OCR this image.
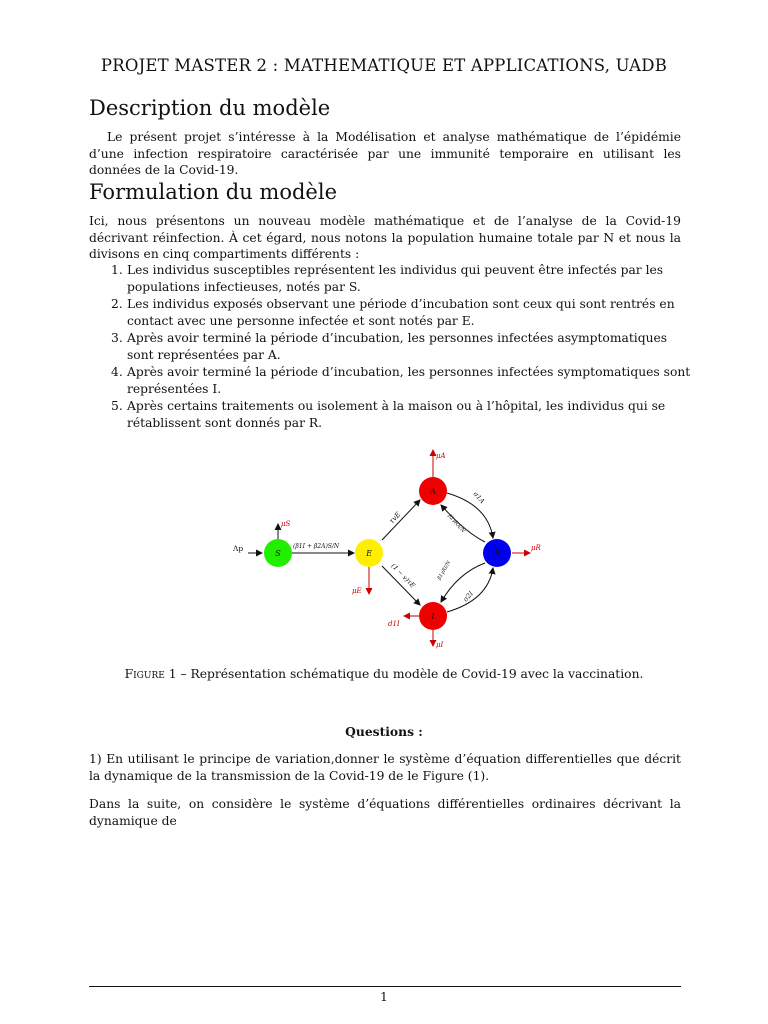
PROJET MASTER 2 : MATHEMATIQUE ET APPLICATIONS, UADB
Description du modèle

Le présent projet s’intéresse à la Modélisation et analyse mathématique de l’épidémie d’une infection respiratoire caractérisée par une immunité temporaire en utilisant les données de la Covid-19.

Formulation du modèle

Ici, nous présentons un nouveau modèle mathématique et de l’analyse de la Covid-19 décrivant réinfection. À cet égard, nous notons la population humaine totale par N et nous la divisons en cinq compartiments différents :

1. Les individus susceptibles représentent les individus qui peuvent être infectés par les populations infectieuses, notés par S.
2. Les individus exposés observant une période d’incubation sont ceux qui sont rentrés en contact avec une personne infectée et sont notés par E.
3. Après avoir terminé la période d’incubation, les personnes infectées asymptomatiques sont représentées par A.
4. Après avoir terminé la période d’incubation, les personnes infectées symptomatiques sont représentées I.
5. Après certains traitements ou isolement à la maison ou à l’hôpital, les individus qui se rétablissent sont donnés par R.
S	E
A
I
R
Λp
μS
(β1I + β2A)S/N
μE
μA
μI
μR
d1I
τvE
(1 − v)τE
σ1A
β2γRA/N
σ2I
β1γRI/N
Figure 1 – Représentation schématique du modèle de Covid-19 avec la vaccination.
Questions :

1) En utilisant le principe de variation,donner le système d’équation differentielles que décrit la dynamique de la transmission de la Covid-19 de le Figure (1).

Dans la suite, on considère le système d’équations différentielles ordinaires décrivant la dynamique de

1
